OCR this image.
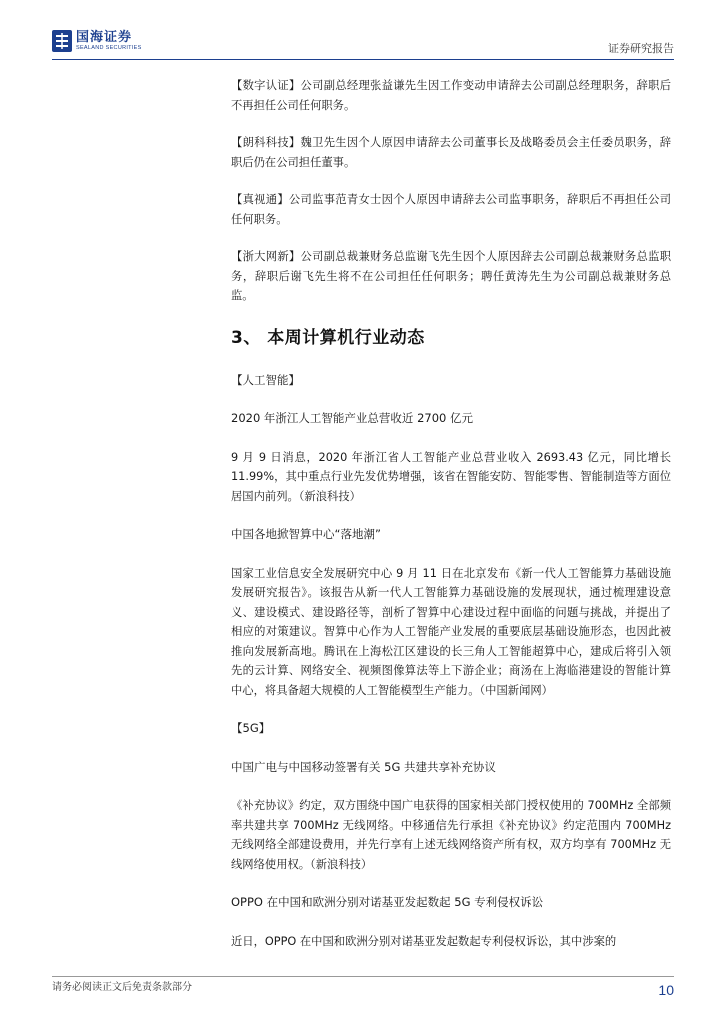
国海证券
SEALAND SECURITIES	证券研究报告

【数字认证】公司副总经理张益谦先生因工作变动申请辞去公司副总经理职务，辞职后不再担任公司任何职务。

【朗科科技】魏卫先生因个人原因申请辞去公司董事长及战略委员会主任委员职务，辞职后仍在公司担任董事。

【真视通】公司监事范青女士因个人原因申请辞去公司监事职务，辞职后不再担任公司任何职务。

【浙大网新】公司副总裁兼财务总监谢飞先生因个人原因辞去公司副总裁兼财务总监职务，辞职后谢飞先生将不在公司担任任何职务；聘任黄涛先生为公司副总裁兼财务总监。

3、 本周计算机行业动态

【人工智能】

2020 年浙江人工智能产业总营收近 2700 亿元

9 月 9 日消息，2020 年浙江省人工智能产业总营业收入 2693.43 亿元，同比增长 11.99%，其中重点行业先发优势增强，该省在智能安防、智能零售、智能制造等方面位居国内前列。（新浪科技）

中国各地掀智算中心“落地潮”

国家工业信息安全发展研究中心 9 月 11 日在北京发布《新一代人工智能算力基础设施发展研究报告》。该报告从新一代人工智能算力基础设施的发展现状，通过梳理建设意义、建设模式、建设路径等，剖析了智算中心建设过程中面临的问题与挑战，并提出了相应的对策建议。智算中心作为人工智能产业发展的重要底层基础设施形态，也因此被推向发展新高地。腾讯在上海松江区建设的长三角人工智能超算中心，建成后将引入领先的云计算、网络安全、视频图像算法等上下游企业；商汤在上海临港建设的智能计算中心，将具备超大规模的人工智能模型生产能力。（中国新闻网）

【5G】

中国广电与中国移动签署有关 5G 共建共享补充协议

《补充协议》约定，双方围绕中国广电获得的国家相关部门授权使用的 700MHz 全部频率共建共享 700MHz 无线网络。中移通信先行承担《补充协议》约定范围内 700MHz 无线网络全部建设费用，并先行享有上述无线网络资产所有权，双方均享有 700MHz 无线网络使用权。（新浪科技）

OPPO 在中国和欧洲分别对诺基亚发起数起 5G 专利侵权诉讼

近日，OPPO 在中国和欧洲分别对诺基亚发起数起专利侵权诉讼，其中涉案的

请务必阅读正文后免责条款部分	10
